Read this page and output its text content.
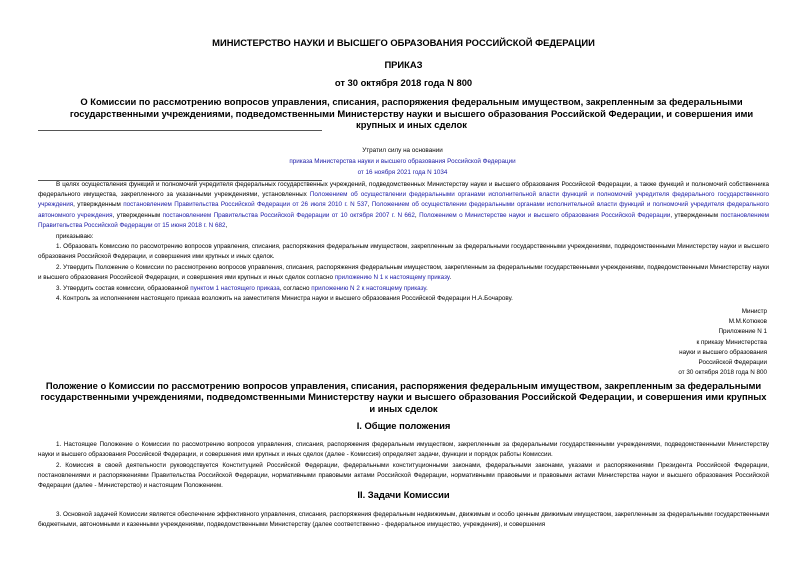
МИНИСТЕРСТВО НАУКИ И ВЫСШЕГО ОБРАЗОВАНИЯ РОССИЙСКОЙ ФЕДЕРАЦИИ
ПРИКАЗ
от 30 октября 2018 года N 800
О Комиссии по рассмотрению вопросов управления, списания, распоряжения федеральным имуществом, закрепленным за федеральными государственными учреждениями, подведомственными Министерству науки и высшего образования Российской Федерации, и совершения ими крупных и иных сделок
Утратил силу на основании
приказа Министерства науки и высшего образования Российской Федерации
от 16 ноября 2021 года N 1034
В целях осуществления функций и полномочий учредителя федеральных государственных учреждений, подведомственных Министерству науки и высшего образования Российской Федерации, а также функций и полномочий собственника федерального имущества, закрепленного за указанными учреждениями, установленных Положением об осуществлении федеральными органами исполнительной власти функций и полномочий учредителя федерального государственного учреждения, утвержденным постановлением Правительства Российской Федерации от 26 июля 2010 г. N 537, Положением об осуществлении федеральными органами исполнительной власти функций и полномочий учредителя федерального автономного учреждения, утвержденным постановлением Правительства Российской Федерации от 10 октября 2007 г. N 662, Положением о Министерстве науки и высшего образования Российской Федерации, утвержденным постановлением Правительства Российской Федерации от 15 июня 2018 г. N 682,
приказываю:
1. Образовать Комиссию по рассмотрению вопросов управления, списания, распоряжения федеральным имуществом, закрепленным за федеральными государственными учреждениями, подведомственными Министерству науки и высшего образования Российской Федерации, и совершения ими крупных и иных сделок.
2. Утвердить Положение о Комиссии по рассмотрению вопросов управления, списания, распоряжения федеральным имуществом, закрепленным за федеральными государственными учреждениями, подведомственными Министерству науки и высшего образования Российской Федерации, и совершения ими крупных и иных сделок согласно приложению N 1 к настоящему приказу.
3. Утвердить состав комиссии, образованной пунктом 1 настоящего приказа, согласно приложению N 2 к настоящему приказу.
4. Контроль за исполнением настоящего приказа возложить на заместителя Министра науки и высшего образования Российской Федерации Н.А.Бочарову.
Министр
М.М.Котюков
Приложение N 1
к приказу Министерства
науки и высшего образования
Российской Федерации
от 30 октября 2018 года N 800
Положение о Комиссии по рассмотрению вопросов управления, списания, распоряжения федеральным имуществом, закрепленным за федеральными государственными учреждениями, подведомственными Министерству науки и высшего образования Российской Федерации, и совершения ими крупных и иных сделок
I. Общие положения
1. Настоящее Положение о Комиссии по рассмотрению вопросов управления, списания, распоряжения федеральным имуществом, закрепленным за федеральными государственными учреждениями, подведомственными Министерству науки и высшего образования Российской Федерации, и совершения ими крупных и иных сделок (далее - Комиссия) определяет задачи, функции и порядок работы Комиссии.
2. Комиссия в своей деятельности руководствуется Конституцией Российской Федерации, федеральными конституционными законами, федеральными законами, указами и распоряжениями Президента Российской Федерации, постановлениями и распоряжениями Правительства Российской Федерации, нормативными правовыми актами Российской Федерации, нормативными правовыми и правовыми актами Министерства науки и высшего образования Российской Федерации (далее - Министерство) и настоящим Положением.
II. Задачи Комиссии
3. Основной задачей Комиссии является обеспечение эффективного управления, списания, распоряжения федеральным недвижимым, движимым и особо ценным движимым имуществом, закрепленным за федеральными государственными бюджетными, автономными и казенными учреждениями, подведомственными Министерству (далее соответственно - федеральное имущество, учреждения), и совершения
